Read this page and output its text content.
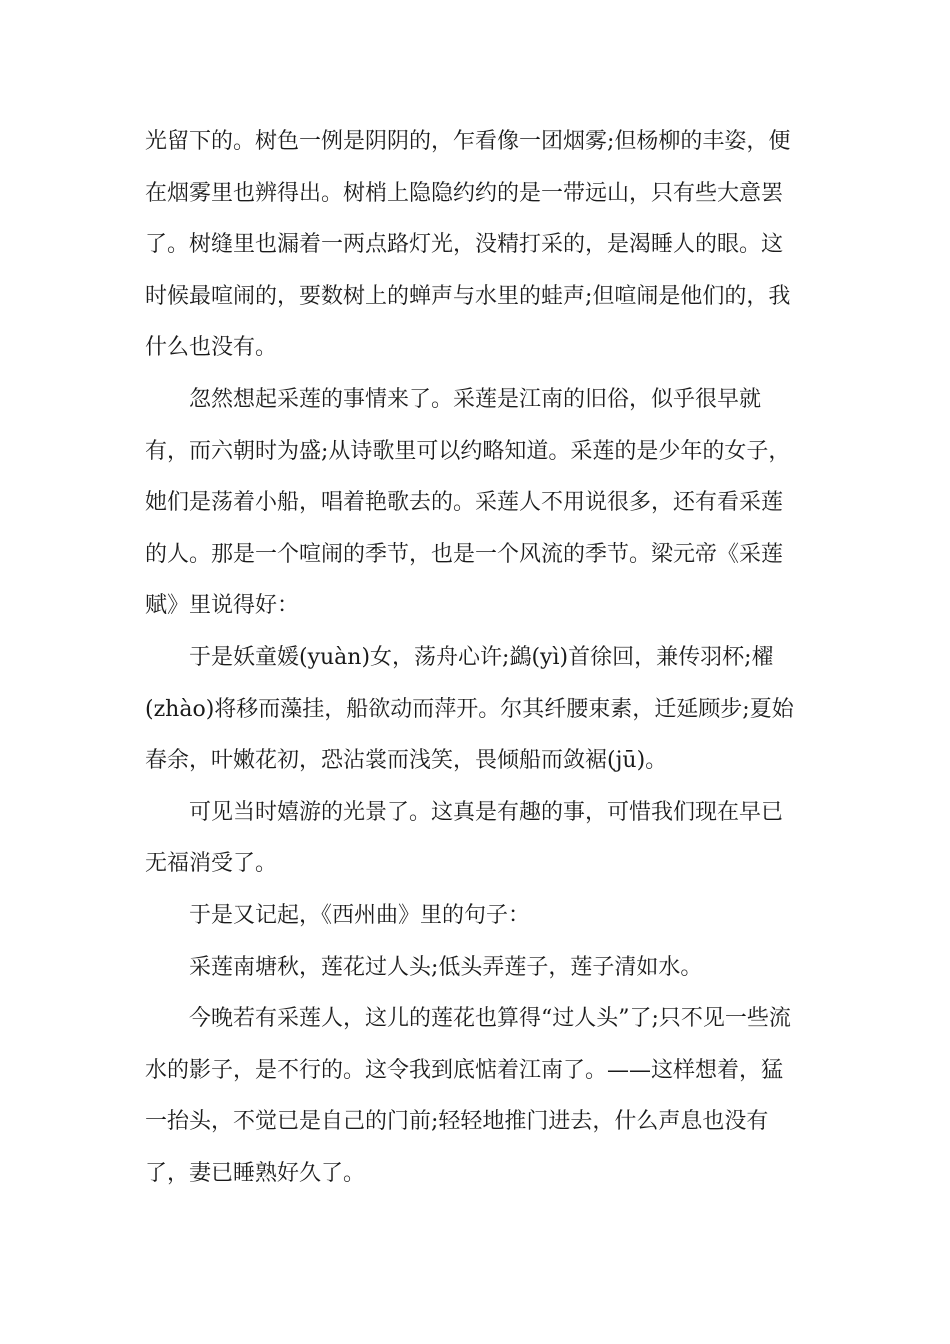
光留下的。树色一例是阴阴的，乍看像一团烟雾;但杨柳的丰姿，便
在烟雾里也辨得出。树梢上隐隐约约的是一带远山，只有些大意罢
了。树缝里也漏着一两点路灯光，没精打采的，是渴睡人的眼。这
时候最喧闹的，要数树上的蝉声与水里的蛙声;但喧闹是他们的，我
什么也没有。
忽然想起采莲的事情来了。采莲是江南的旧俗，似乎很早就
有，而六朝时为盛;从诗歌里可以约略知道。采莲的是少年的女子，
她们是荡着小船，唱着艳歌去的。采莲人不用说很多，还有看采莲
的人。那是一个喧闹的季节，也是一个风流的季节。梁元帝《采莲
赋》里说得好：
于是妖童媛(yuàn)女，荡舟心许;鷁(yì)首徐回，兼传羽杯;櫂
(zhào)将移而藻挂，船欲动而萍开。尔其纤腰束素，迁延顾步;夏始
春余，叶嫩花初，恐沾裳而浅笑，畏倾船而敛裾(jū)。
可见当时嬉游的光景了。这真是有趣的事，可惜我们现在早已
无福消受了。
于是又记起，《西州曲》里的句子：
采莲南塘秋，莲花过人头;低头弄莲子，莲子清如水。
今晚若有采莲人，这儿的莲花也算得“过人头”了;只不见一些流
水的影子，是不行的。这令我到底惦着江南了。——这样想着，猛
一抬头，不觉已是自己的门前;轻轻地推门进去，什么声息也没有
了，妻已睡熟好久了。
